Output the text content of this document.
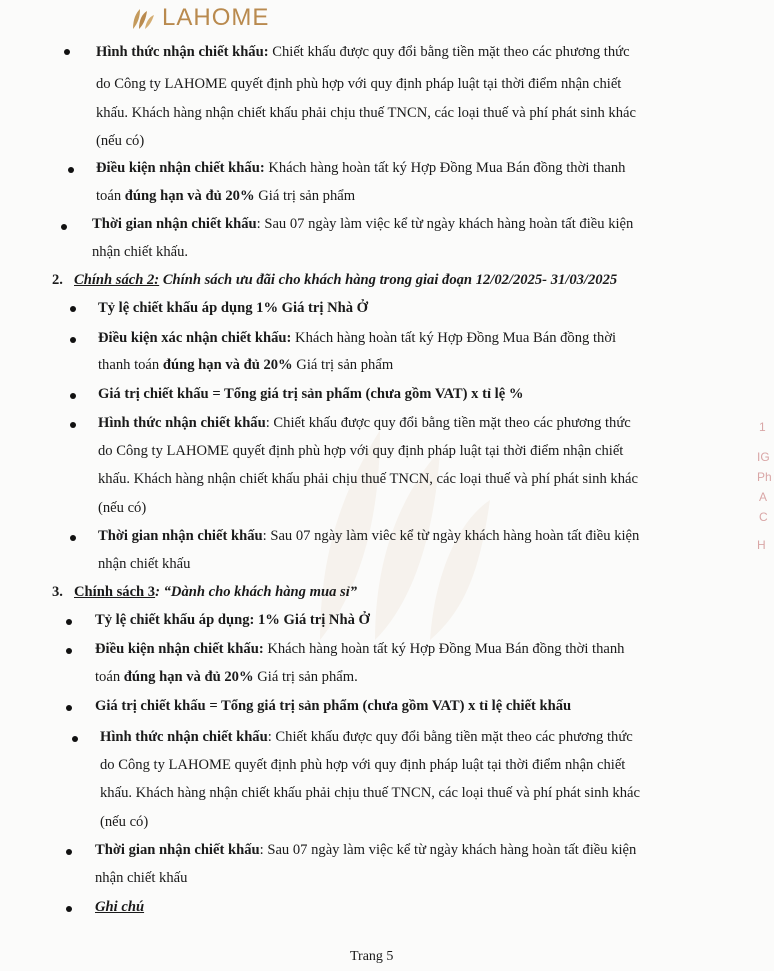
LAHOME
1
IG
Ph
A
C
H
Hình thức nhận chiết khấu: Chiết khấu được quy đổi bằng tiền mặt theo các phương thức
do Công ty LAHOME quyết định phù hợp với quy định pháp luật tại thời điểm nhận chiết
khấu. Khách hàng nhận chiết khấu phải chịu thuế TNCN, các loại thuế và phí phát sinh khác
(nếu có)
Điều kiện nhận chiết khấu: Khách hàng hoàn tất ký Hợp Đồng Mua Bán đồng thời thanh
toán đúng hạn và đủ 20% Giá trị sản phẩm
Thời gian nhận chiết khấu: Sau 07 ngày làm việc kể từ ngày khách hàng hoàn tất điều kiện
nhận chiết khấu.
2. Chính sách 2: Chính sách ưu đãi cho khách hàng trong giai đoạn 12/02/2025- 31/03/2025
Tỷ lệ chiết khấu áp dụng 1% Giá trị Nhà Ở
Điều kiện xác nhận chiết khấu: Khách hàng hoàn tất ký Hợp Đồng Mua Bán đồng thời
thanh toán đúng hạn và đủ 20% Giá trị sản phẩm
Giá trị chiết khấu = Tổng giá trị sản phẩm (chưa gồm VAT) x tỉ lệ %
Hình thức nhận chiết khấu: Chiết khấu được quy đổi bằng tiền mặt theo các phương thức
do Công ty LAHOME quyết định phù hợp với quy định pháp luật tại thời điểm nhận chiết
khấu. Khách hàng nhận chiết khấu phải chịu thuế TNCN, các loại thuế và phí phát sinh khác
(nếu có)
Thời gian nhận chiết khấu: Sau 07 ngày làm viêc kể từ ngày khách hàng hoàn tất điều kiện
nhận chiết khấu
3. Chính sách 3: “Dành cho khách hàng mua sỉ”
Tỷ lệ chiết khấu áp dụng: 1% Giá trị Nhà Ở
Điều kiện nhận chiết khấu: Khách hàng hoàn tất ký Hợp Đồng Mua Bán đồng thời thanh
toán đúng hạn và đủ 20% Giá trị sản phẩm.
Giá trị chiết khấu = Tổng giá trị sản phẩm (chưa gồm VAT) x tỉ lệ chiết khấu
Hình thức nhận chiết khấu: Chiết khấu được quy đổi bằng tiền mặt theo các phương thức
do Công ty LAHOME quyết định phù hợp với quy định pháp luật tại thời điểm nhận chiết
khấu. Khách hàng nhận chiết khấu phải chịu thuế TNCN, các loại thuế và phí phát sinh khác
(nếu có)
Thời gian nhận chiết khấu: Sau 07 ngày làm việc kể từ ngày khách hàng hoàn tất điều kiện
nhận chiết khấu
Ghi chú
Trang 5
